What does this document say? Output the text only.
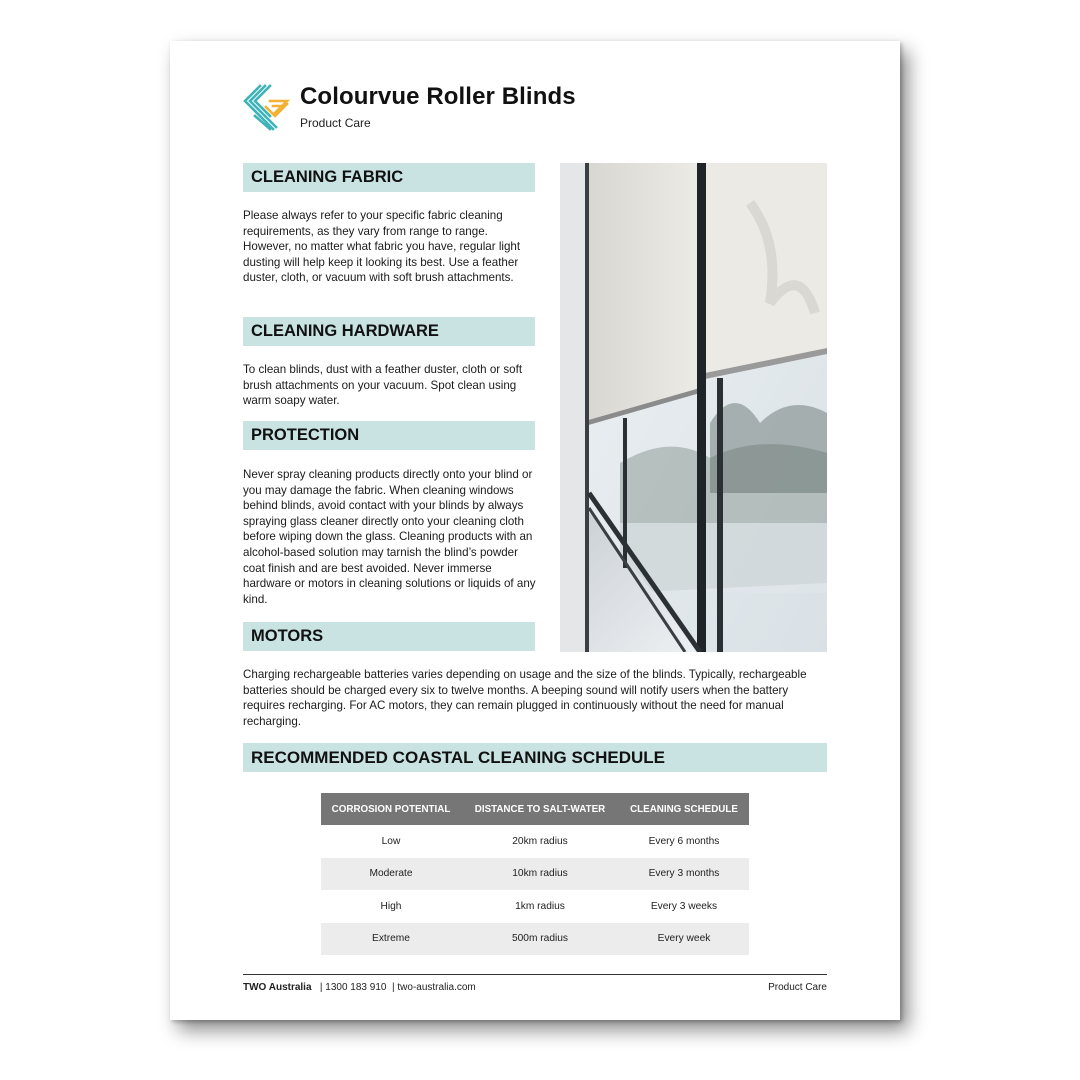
Colourvue Roller Blinds
Product Care
CLEANING FABRIC
Please always refer to your specific fabric cleaning requirements, as they vary from range to range. However, no matter what fabric you have, regular light dusting will help keep it looking its best. Use a feather duster, cloth, or vacuum with soft brush attachments.
CLEANING HARDWARE
To clean blinds, dust with a feather duster, cloth or soft brush attachments on your vacuum. Spot clean using warm soapy water.
PROTECTION
Never spray cleaning products directly onto your blind or you may damage the fabric. When cleaning windows behind blinds, avoid contact with your blinds by always spraying glass cleaner directly onto your cleaning cloth before wiping down the glass. Cleaning products with an alcohol-based solution may tarnish the blind’s powder coat finish and are best avoided. Never immerse hardware or motors in cleaning solutions or liquids of any kind.
MOTORS
Charging rechargeable batteries varies depending on usage and the size of the blinds. Typically, rechargeable batteries should be charged every six to twelve months. A beeping sound will notify users when the battery requires recharging. For AC motors, they can remain plugged in continuously without the need for manual recharging.
RECOMMENDED COASTAL CLEANING SCHEDULE
CORROSION POTENTIAL	DISTANCE TO SALT-WATER	CLEANING SCHEDULE
Low	20km radius	Every 6 months
Moderate	10km radius	Every 3 months
High	1km radius	Every 3 weeks
Extreme	500m radius	Every week
TWO Australia | 1300 183 910 | two-australia.com	Product Care
